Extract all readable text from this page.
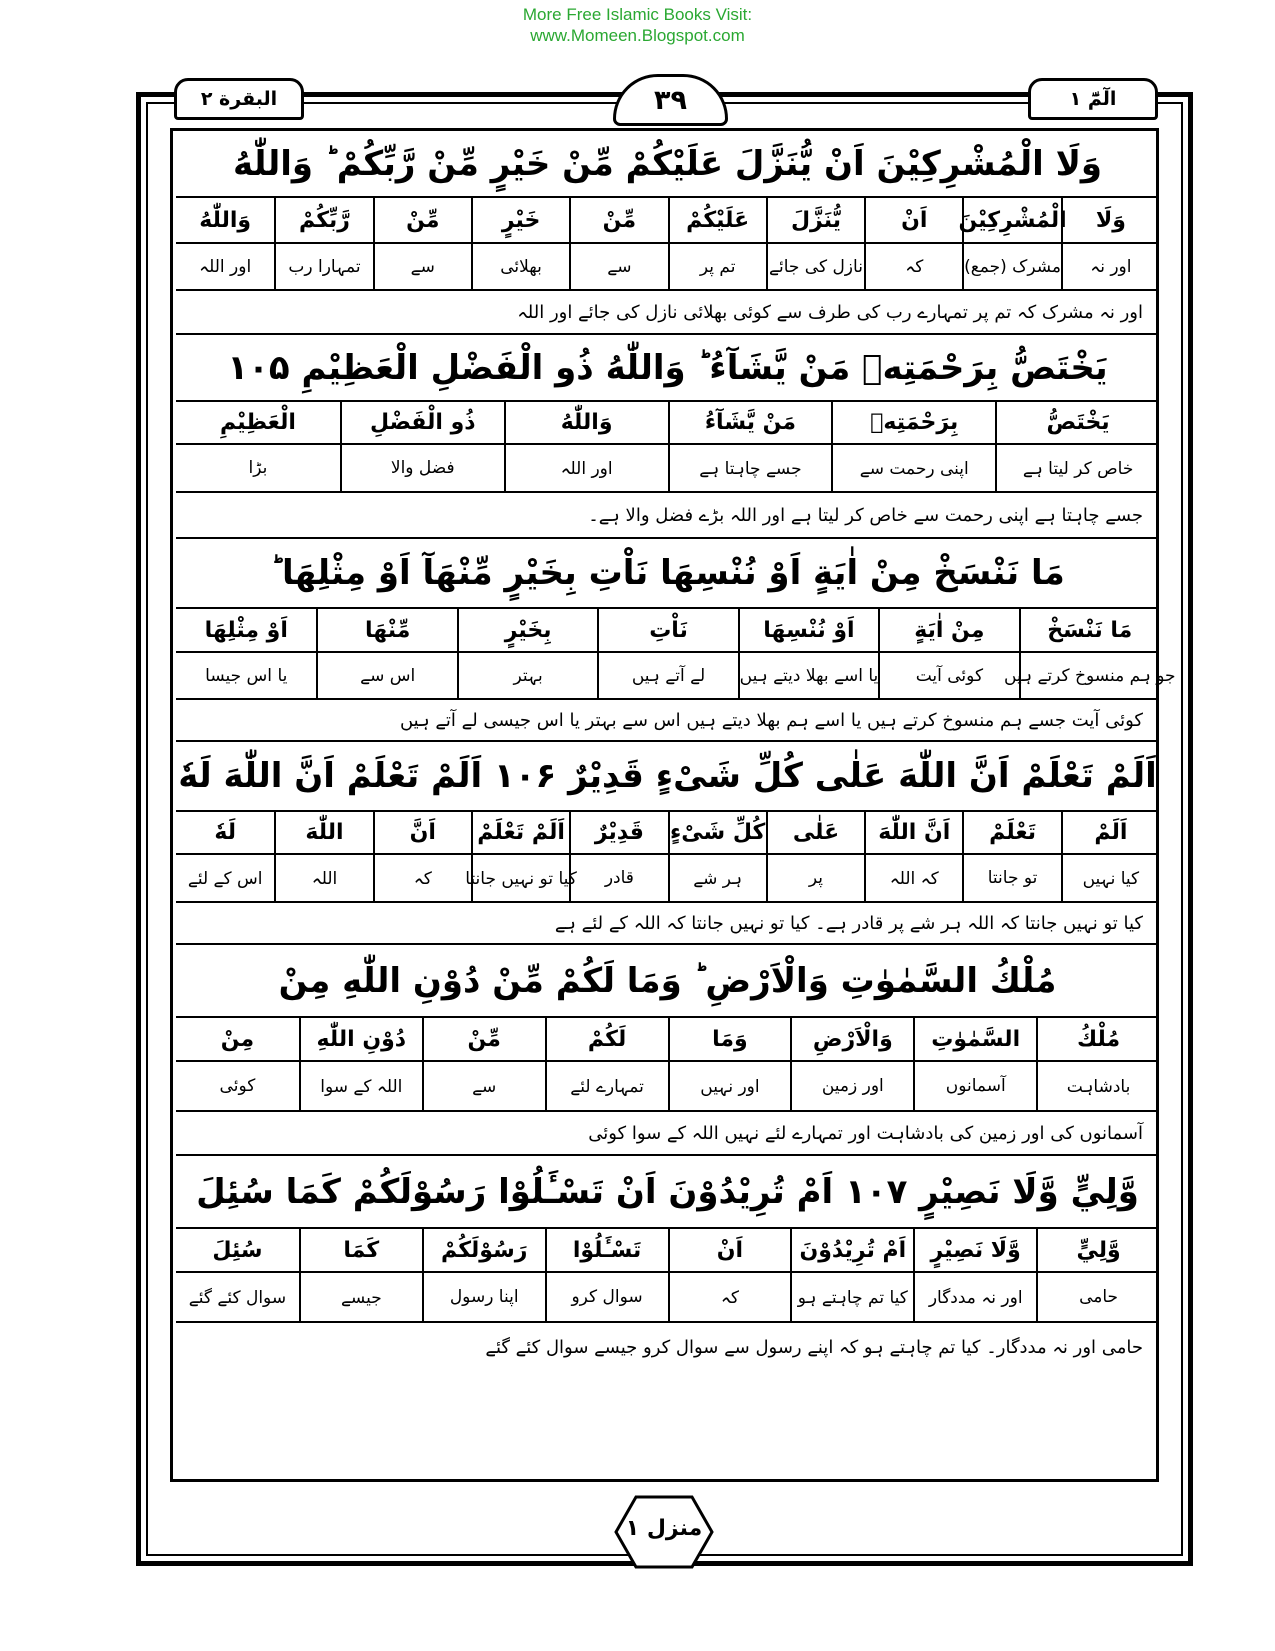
More Free Islamic Books Visit:
www.Momeen.Blogspot.com
البقرة ۲	۳۹	الٓمّٓ ۱
وَلَا الْمُشْرِكِيْنَ اَنْ يُّنَزَّلَ عَلَيْكُمْ مِّنْ خَيْرٍ مِّنْ رَّبِّكُمْ ؕ وَاللّٰهُ
وَلَا
الْمُشْرِكِيْنَ
اَنْ
يُّنَزَّلَ
عَلَيْكُمْ
مِّنْ
خَيْرٍ
مِّنْ
رَّبِّكُمْ
وَاللّٰهُ
اور نہ
مشرک (جمع)
کہ
نازل کی جائے
تم پر
سے
بھلائی
سے
تمہارا رب
اور اللہ
اور نہ مشرک کہ تم پر تمہارے رب کی طرف سے کوئی بھلائی نازل کی جائے اور اللہ
يَخْتَصُّ بِرَحْمَتِهٖ مَنْ يَّشَآءُ ؕ وَاللّٰهُ ذُو الْفَضْلِ الْعَظِيْمِ ۱۰۵
يَخْتَصُّ
بِرَحْمَتِهٖ
مَنْ يَّشَآءُ
وَاللّٰهُ
ذُو الْفَضْلِ
الْعَظِيْمِ
خاص کر لیتا ہے
اپنی رحمت سے
جسے چاہتا ہے
اور اللہ
فضل والا
بڑا
جسے چاہتا ہے اپنی رحمت سے خاص کر لیتا ہے اور اللہ بڑے فضل والا ہے۔
مَا نَنْسَخْ مِنْ اٰيَةٍ اَوْ نُنْسِهَا نَاْتِ بِخَيْرٍ مِّنْهَآ اَوْ مِثْلِهَا ؕ
مَا نَنْسَخْ
مِنْ اٰيَةٍ
اَوْ نُنْسِهَا
نَاْتِ
بِخَيْرٍ
مِّنْهَا
اَوْ مِثْلِهَا
جو ہم منسوخ کرتے ہیں
کوئی آیت
یا اسے بھلا دیتے ہیں
لے آتے ہیں
بہتر
اس سے
یا اس جیسا
کوئی آیت جسے ہم منسوخ کرتے ہیں یا اسے ہم بھلا دیتے ہیں اس سے بہتر یا اس جیسی لے آتے ہیں
اَلَمْ تَعْلَمْ اَنَّ اللّٰهَ عَلٰى كُلِّ شَىْءٍ قَدِيْرٌ ۱۰۶ اَلَمْ تَعْلَمْ اَنَّ اللّٰهَ لَهٗ
اَلَمْ
تَعْلَمْ
اَنَّ اللّٰهَ
عَلٰى
كُلِّ شَىْءٍ
قَدِيْرٌ
اَلَمْ تَعْلَمْ
اَنَّ
اللّٰهَ
لَهٗ
کیا نہیں
تو جانتا
کہ اللہ
پر
ہر شے
قادر
کیا تو نہیں جانتا
کہ
اللہ
اس کے لئے
کیا تو نہیں جانتا کہ اللہ ہر شے پر قادر ہے۔ کیا تو نہیں جانتا کہ اللہ کے لئے ہے
مُلْكُ السَّمٰوٰتِ وَالْاَرْضِ ؕ وَمَا لَكُمْ مِّنْ دُوْنِ اللّٰهِ مِنْ
مُلْكُ
السَّمٰوٰتِ
وَالْاَرْضِ
وَمَا
لَكُمْ
مِّنْ
دُوْنِ اللّٰهِ
مِنْ
بادشاہت
آسمانوں
اور زمین
اور نہیں
تمہارے لئے
سے
اللہ کے سوا
کوئی
آسمانوں کی اور زمین کی بادشاہت اور تمہارے لئے نہیں اللہ کے سوا کوئی
وَّلِيٍّ وَّلَا نَصِيْرٍ ۱۰۷ اَمْ تُرِيْدُوْنَ اَنْ تَسْـَٔلُوْا رَسُوْلَكُمْ كَمَا سُئِلَ
وَّلِيٍّ
وَّلَا نَصِيْرٍ
اَمْ تُرِيْدُوْنَ
اَنْ
تَسْـَٔلُوْا
رَسُوْلَكُمْ
كَمَا
سُئِلَ
حامی
اور نہ مددگار
کیا تم چاہتے ہو
کہ
سوال کرو
اپنا رسول
جیسے
سوال کئے گئے
حامی اور نہ مددگار۔ کیا تم چاہتے ہو کہ اپنے رسول سے سوال کرو جیسے سوال کئے گئے
منزل ۱
